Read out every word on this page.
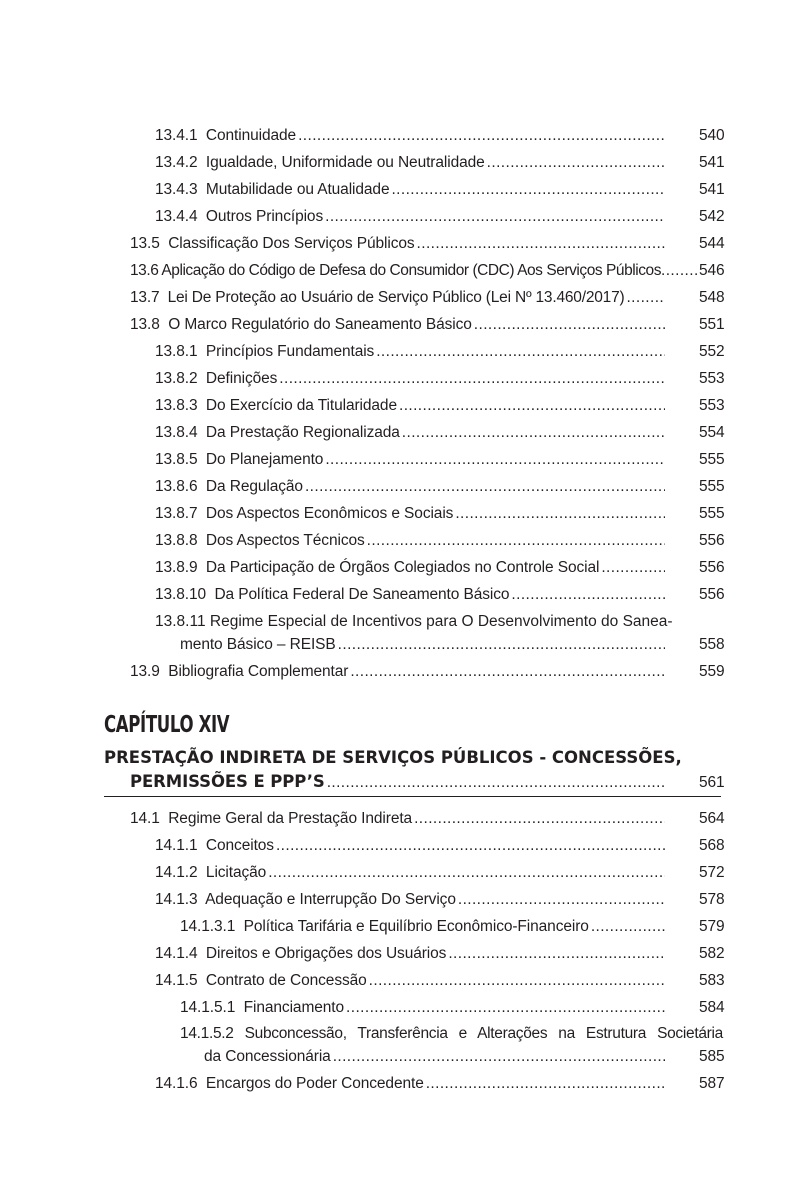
13.4.1 Continuidade .....	540
13.4.2 Igualdade, Uniformidade ou Neutralidade .....	541
13.4.3 Mutabilidade ou Atualidade .....	541
13.4.4 Outros Princípios .....	542
13.5 Classificação Dos Serviços Públicos .....	544
13.6 Aplicação do Código de Defesa do Consumidor (CDC) Aos Serviços Públicos ..... 546
13.7 Lei De Proteção ao Usuário de Serviço Público (Lei Nº 13.460/2017) .....	548
13.8 O Marco Regulatório do Saneamento Básico .....	551
13.8.1 Princípios Fundamentais .....	552
13.8.2 Definições .....	553
13.8.3 Do Exercício da Titularidade .....	553
13.8.4 Da Prestação Regionalizada .....	554
13.8.5 Do Planejamento .....	555
13.8.6 Da Regulação .....	555
13.8.7 Dos Aspectos Econômicos e Sociais .....	555
13.8.8 Dos Aspectos Técnicos .....	556
13.8.9 Da Participação de Órgãos Colegiados no Controle Social .....	556
13.8.10 Da Política Federal De Saneamento Básico .....	556
13.8.11 Regime Especial de Incentivos para O Desenvolvimento do Sanea-
mento Básico – REISB .....	558
13.9 Bibliografia Complementar .....	559
CAPÍTULO XIV
PRESTAÇÃO INDIRETA DE SERVIÇOS PÚBLICOS - CONCESSÕES,
PERMISSÕES E PPP’S .....	561
14.1 Regime Geral da Prestação Indireta .....	564
14.1.1 Conceitos .....	568
14.1.2 Licitação .....	572
14.1.3 Adequação e Interrupção Do Serviço .....	578
14.1.3.1 Política Tarifária e Equilíbrio Econômico-Financeiro .....	579
14.1.4 Direitos e Obrigações dos Usuários .....	582
14.1.5 Contrato de Concessão .....	583
14.1.5.1 Financiamento .....	584
14.1.5.2 Subconcessão, Transferência e Alterações na Estrutura Societária
da Concessionária .....	585
14.1.6 Encargos do Poder Concedente .....	587
